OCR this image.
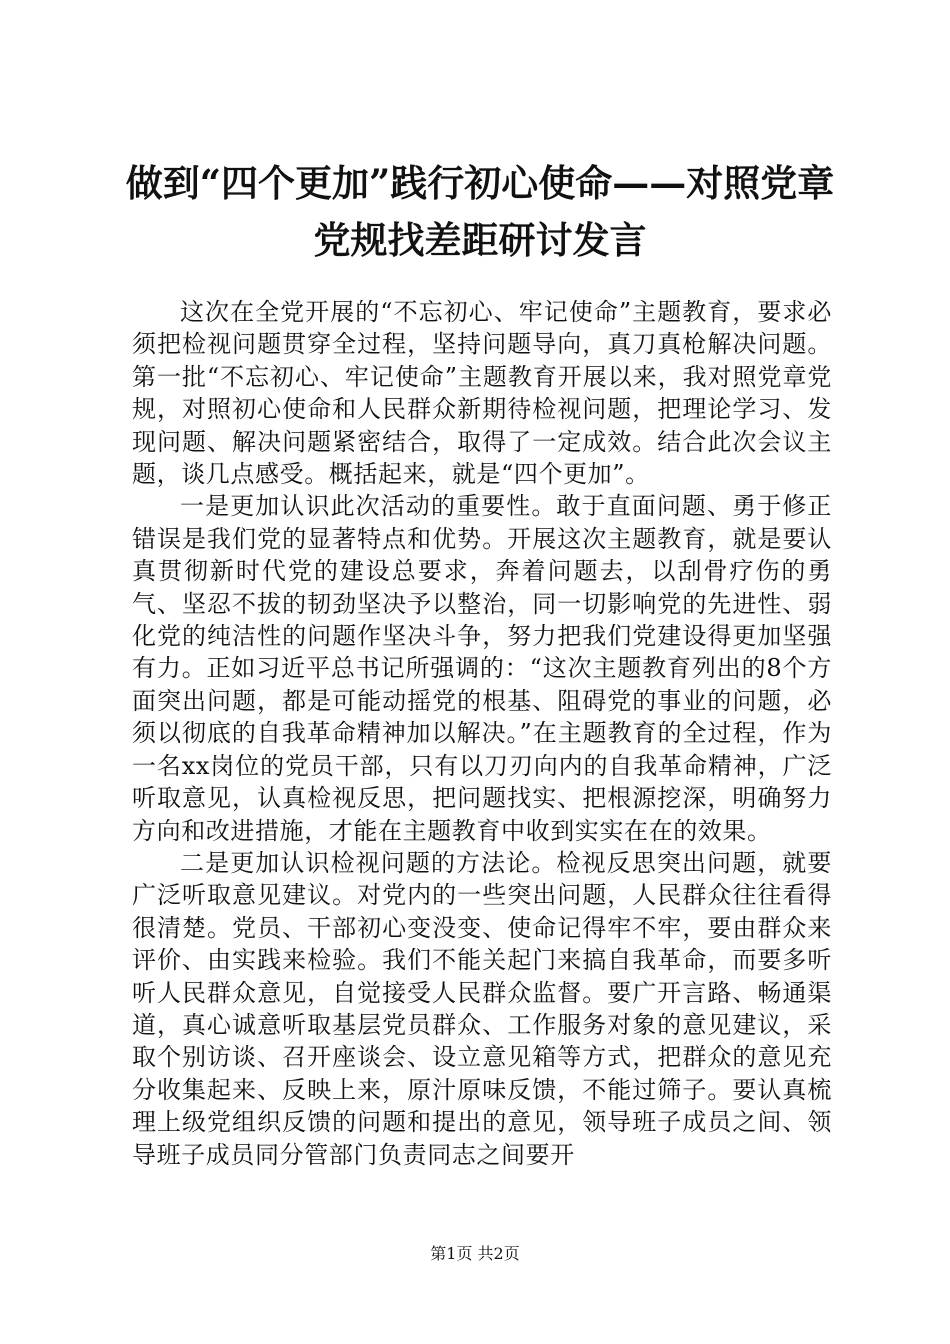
做到“四个更加”践行初心使命——对照党章
党规找差距研讨发言

这次在全党开展的“不忘初心、牢记使命”主题教育，要求必须把检视问题贯穿全过程，坚持问题导向，真刀真枪解决问题。第一批“不忘初心、牢记使命”主题教育开展以来，我对照党章党规，对照初心使命和人民群众新期待检视问题，把理论学习、发现问题、解决问题紧密结合，取得了一定成效。结合此次会议主题，谈几点感受。概括起来，就是“四个更加”。

一是更加认识此次活动的重要性。敢于直面问题、勇于修正错误是我们党的显著特点和优势。开展这次主题教育，就是要认真贯彻新时代党的建设总要求，奔着问题去，以刮骨疗伤的勇气、坚忍不拔的韧劲坚决予以整治，同一切影响党的先进性、弱化党的纯洁性的问题作坚决斗争，努力把我们党建设得更加坚强有力。正如习近平总书记所强调的：“这次主题教育列出的8个方面突出问题，都是可能动摇党的根基、阻碍党的事业的问题，必须以彻底的自我革命精神加以解决。”在主题教育的全过程，作为一名xx岗位的党员干部，只有以刀刃向内的自我革命精神，广泛听取意见，认真检视反思，把问题找实、把根源挖深，明确努力方向和改进措施，才能在主题教育中收到实实在在的效果。

二是更加认识检视问题的方法论。检视反思突出问题，就要广泛听取意见建议。对党内的一些突出问题，人民群众往往看得很清楚。党员、干部初心变没变、使命记得牢不牢，要由群众来评价、由实践来检验。我们不能关起门来搞自我革命，而要多听听人民群众意见，自觉接受人民群众监督。要广开言路、畅通渠道，真心诚意听取基层党员群众、工作服务对象的意见建议，采取个别访谈、召开座谈会、设立意见箱等方式，把群众的意见充分收集起来、反映上来，原汁原味反馈，不能过筛子。要认真梳理上级党组织反馈的问题和提出的意见，领导班子成员之间、领导班子成员同分管部门负责同志之间要开

第1页 共2页
